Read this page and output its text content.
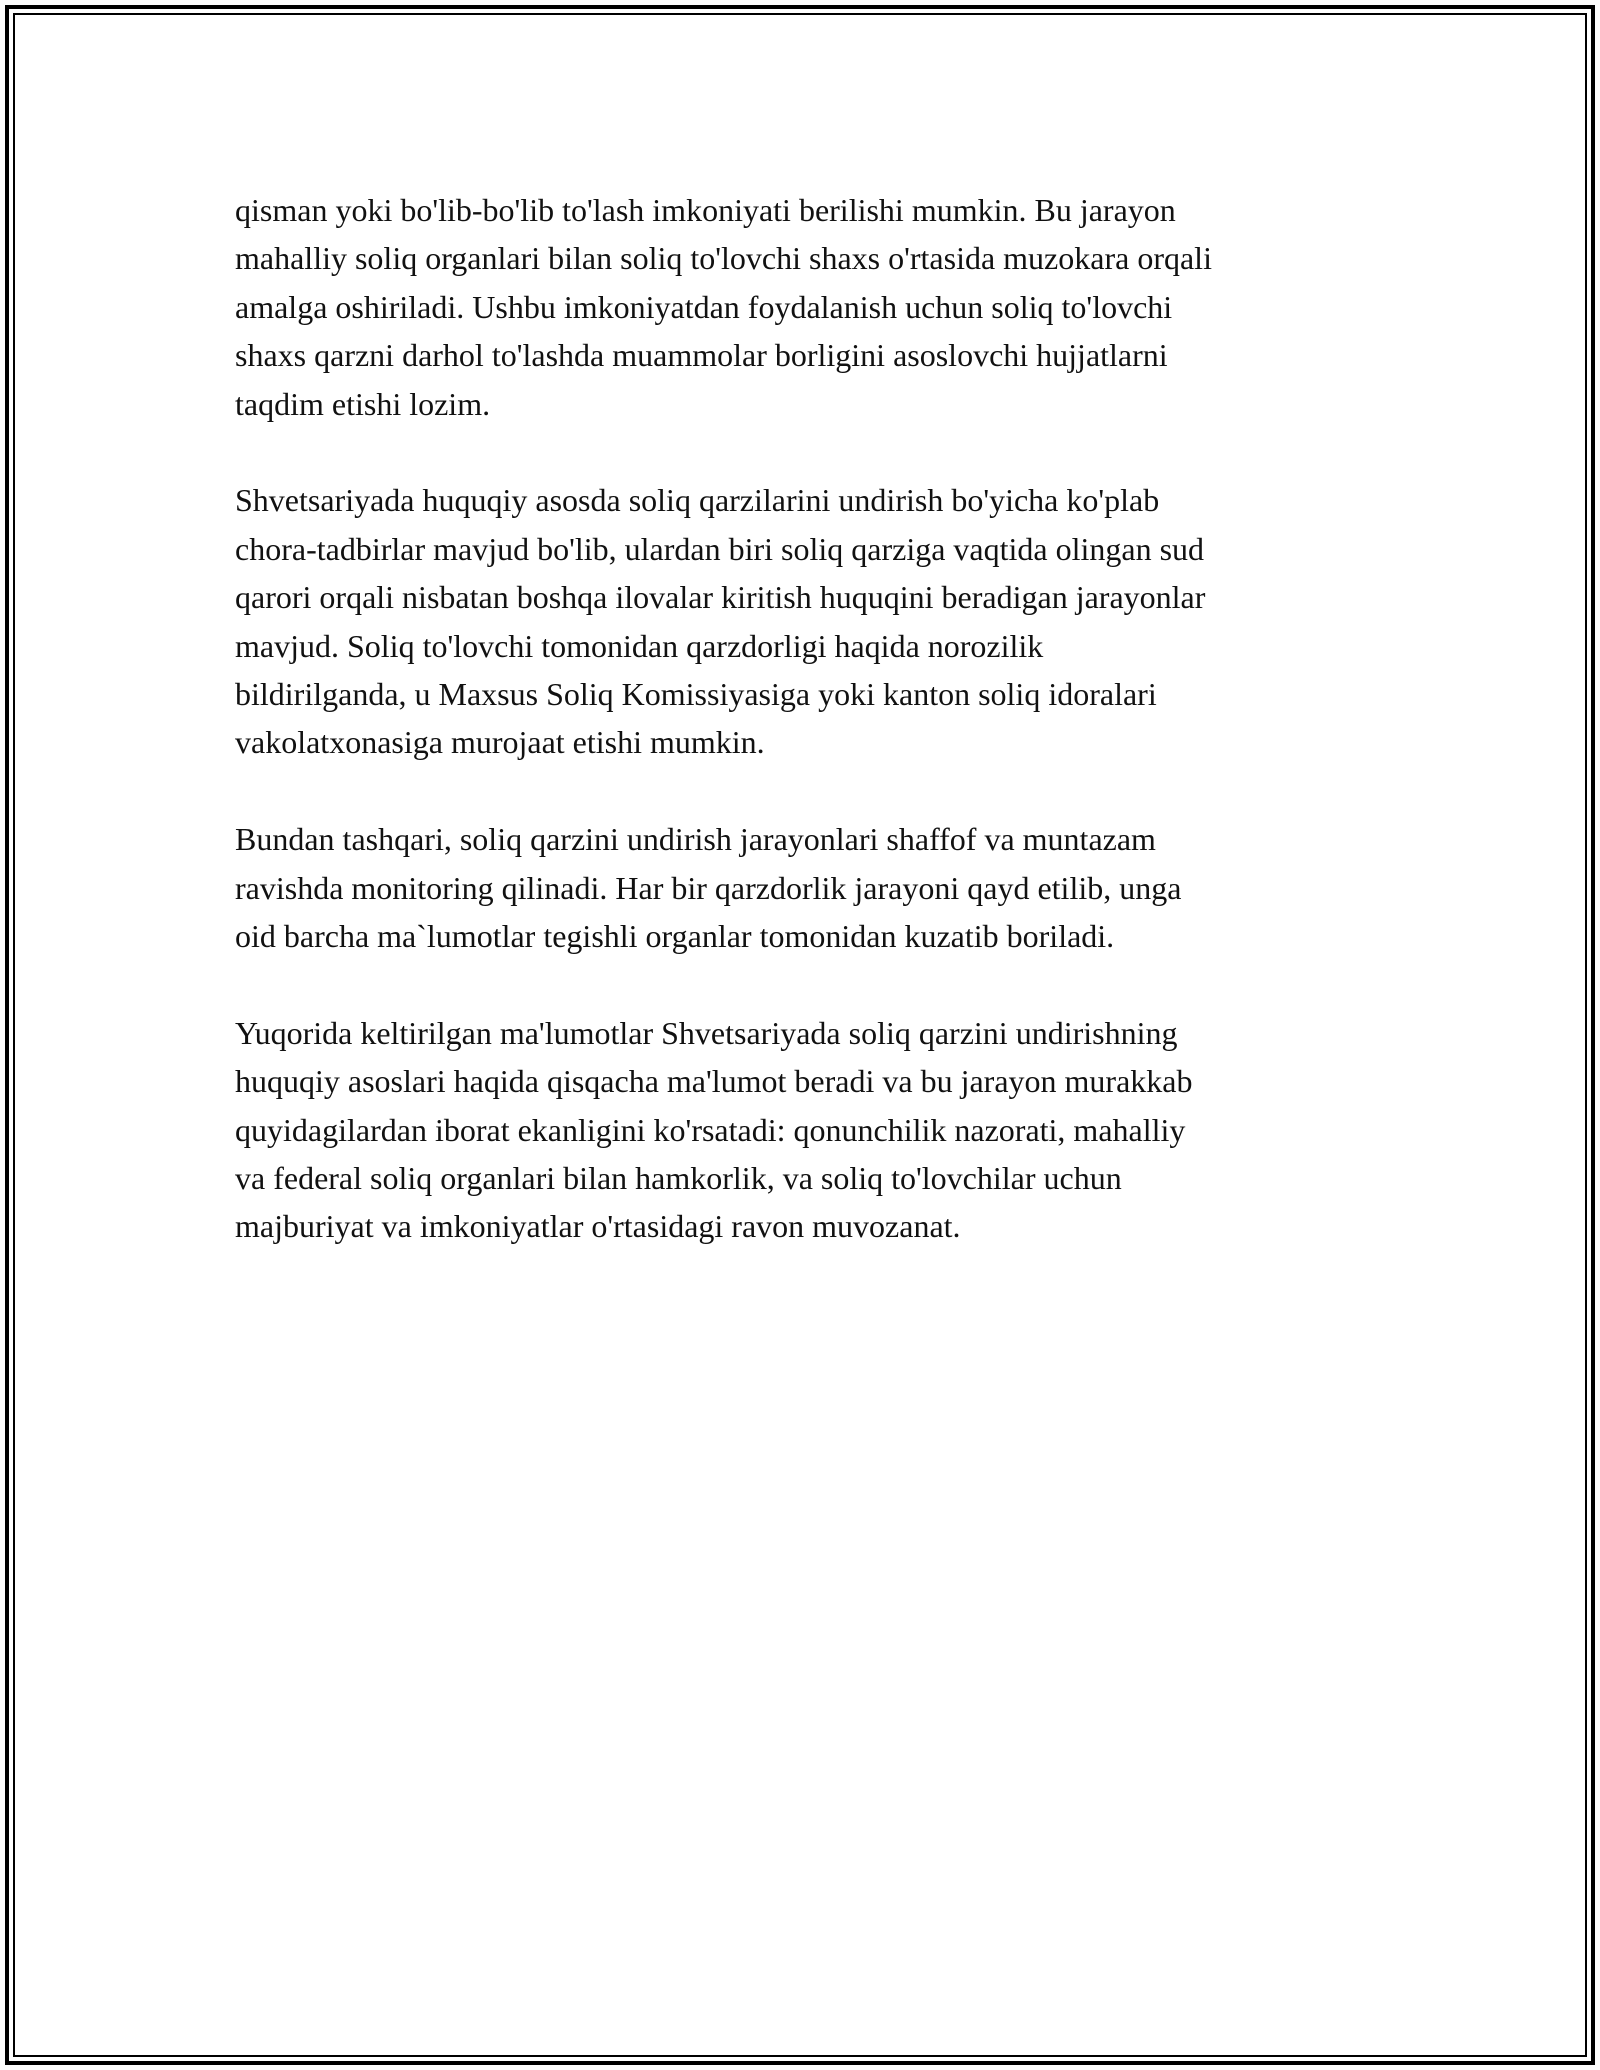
qisman yoki bo'lib-bo'lib to'lash imkoniyati berilishi mumkin. Bu jarayon
mahalliy soliq organlari bilan soliq to'lovchi shaxs o'rtasida muzokara orqali
amalga oshiriladi. Ushbu imkoniyatdan foydalanish uchun soliq to'lovchi
shaxs qarzni darhol to'lashda muammolar borligini asoslovchi hujjatlarni
taqdim etishi lozim.

Shvetsariyada huquqiy asosda soliq qarzilarini undirish bo'yicha ko'plab
chora-tadbirlar mavjud bo'lib, ulardan biri soliq qarziga vaqtida olingan sud
qarori orqali nisbatan boshqa ilovalar kiritish huquqini beradigan jarayonlar
mavjud. Soliq to'lovchi tomonidan qarzdorligi haqida norozilik
bildirilganda, u Maxsus Soliq Komissiyasiga yoki kanton soliq idoralari
vakolatxonasiga murojaat etishi mumkin.

Bundan tashqari, soliq qarzini undirish jarayonlari shaffof va muntazam
ravishda monitoring qilinadi. Har bir qarzdorlik jarayoni qayd etilib, unga
oid barcha ma`lumotlar tegishli organlar tomonidan kuzatib boriladi.

Yuqorida keltirilgan ma'lumotlar Shvetsariyada soliq qarzini undirishning
huquqiy asoslari haqida qisqacha ma'lumot beradi va bu jarayon murakkab
quyidagilardan iborat ekanligini ko'rsatadi: qonunchilik nazorati, mahalliy
va federal soliq organlari bilan hamkorlik, va soliq to'lovchilar uchun
majburiyat va imkoniyatlar o'rtasidagi ravon muvozanat.
